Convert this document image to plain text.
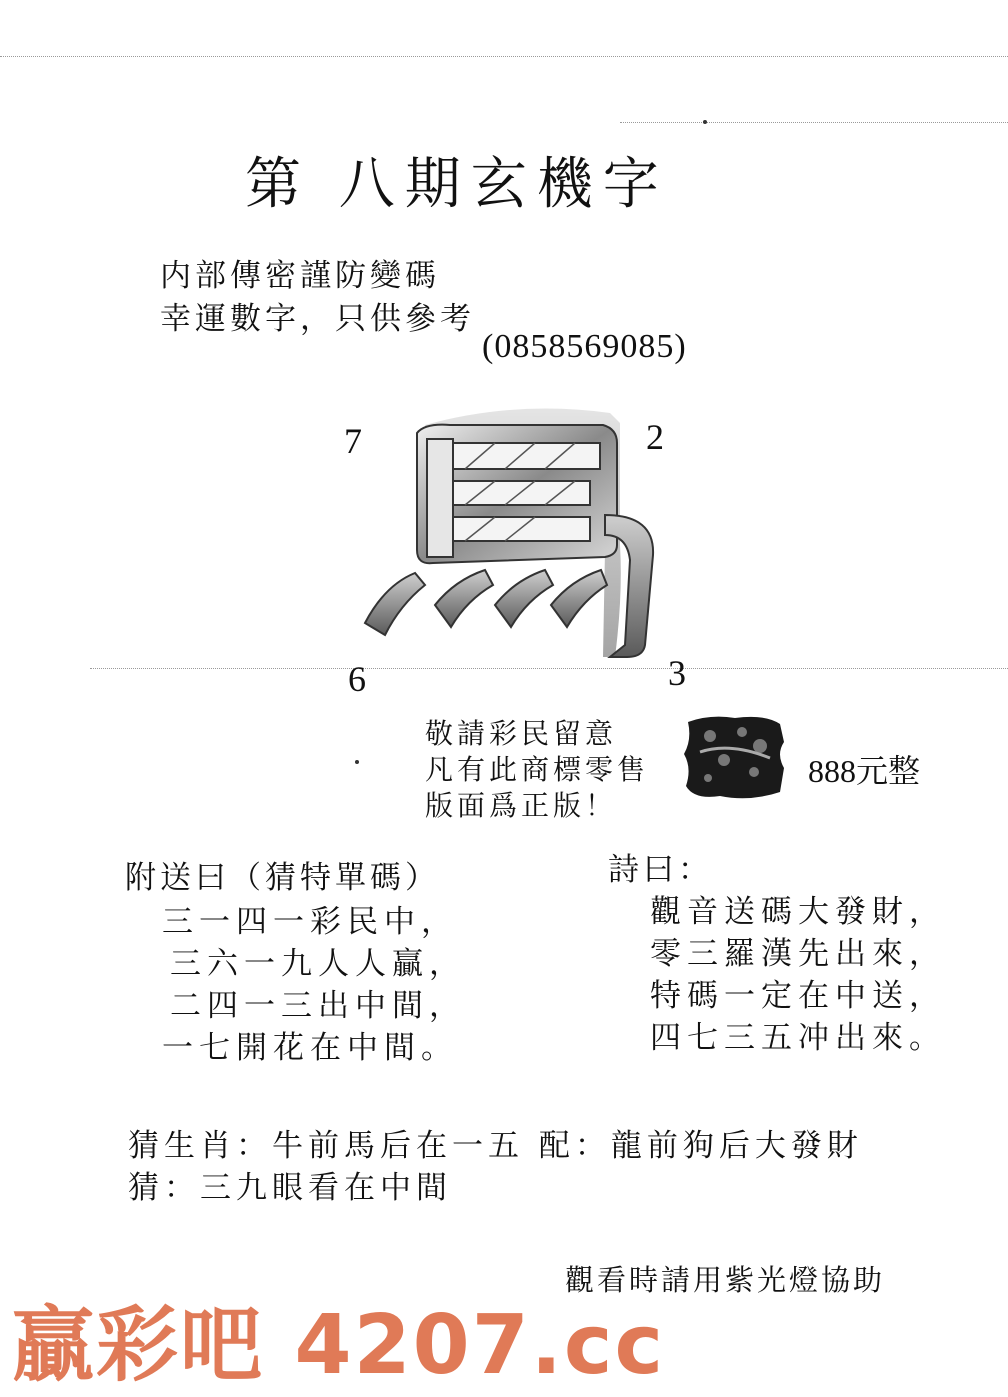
第 八期玄機字
内部傳密謹防變碼
幸運數字，只供參考
(0858569085)
7	2
6	3
敬請彩民留意
凡有此商標零售
版面爲正版！
888元整
附送曰（猜特單碼）
三一四一彩民中，
三六一九人人贏，
二四一三出中間，
一七開花在中間。
詩曰：
觀音送碼大發財，
零三羅漢先出來，
特碼一定在中送，
四七三五冲出來。
猜生肖：牛前馬后在一五 配：龍前狗后大發財
猜：三九眼看在中間
觀看時請用紫光燈協助
贏彩吧 4207.cc
